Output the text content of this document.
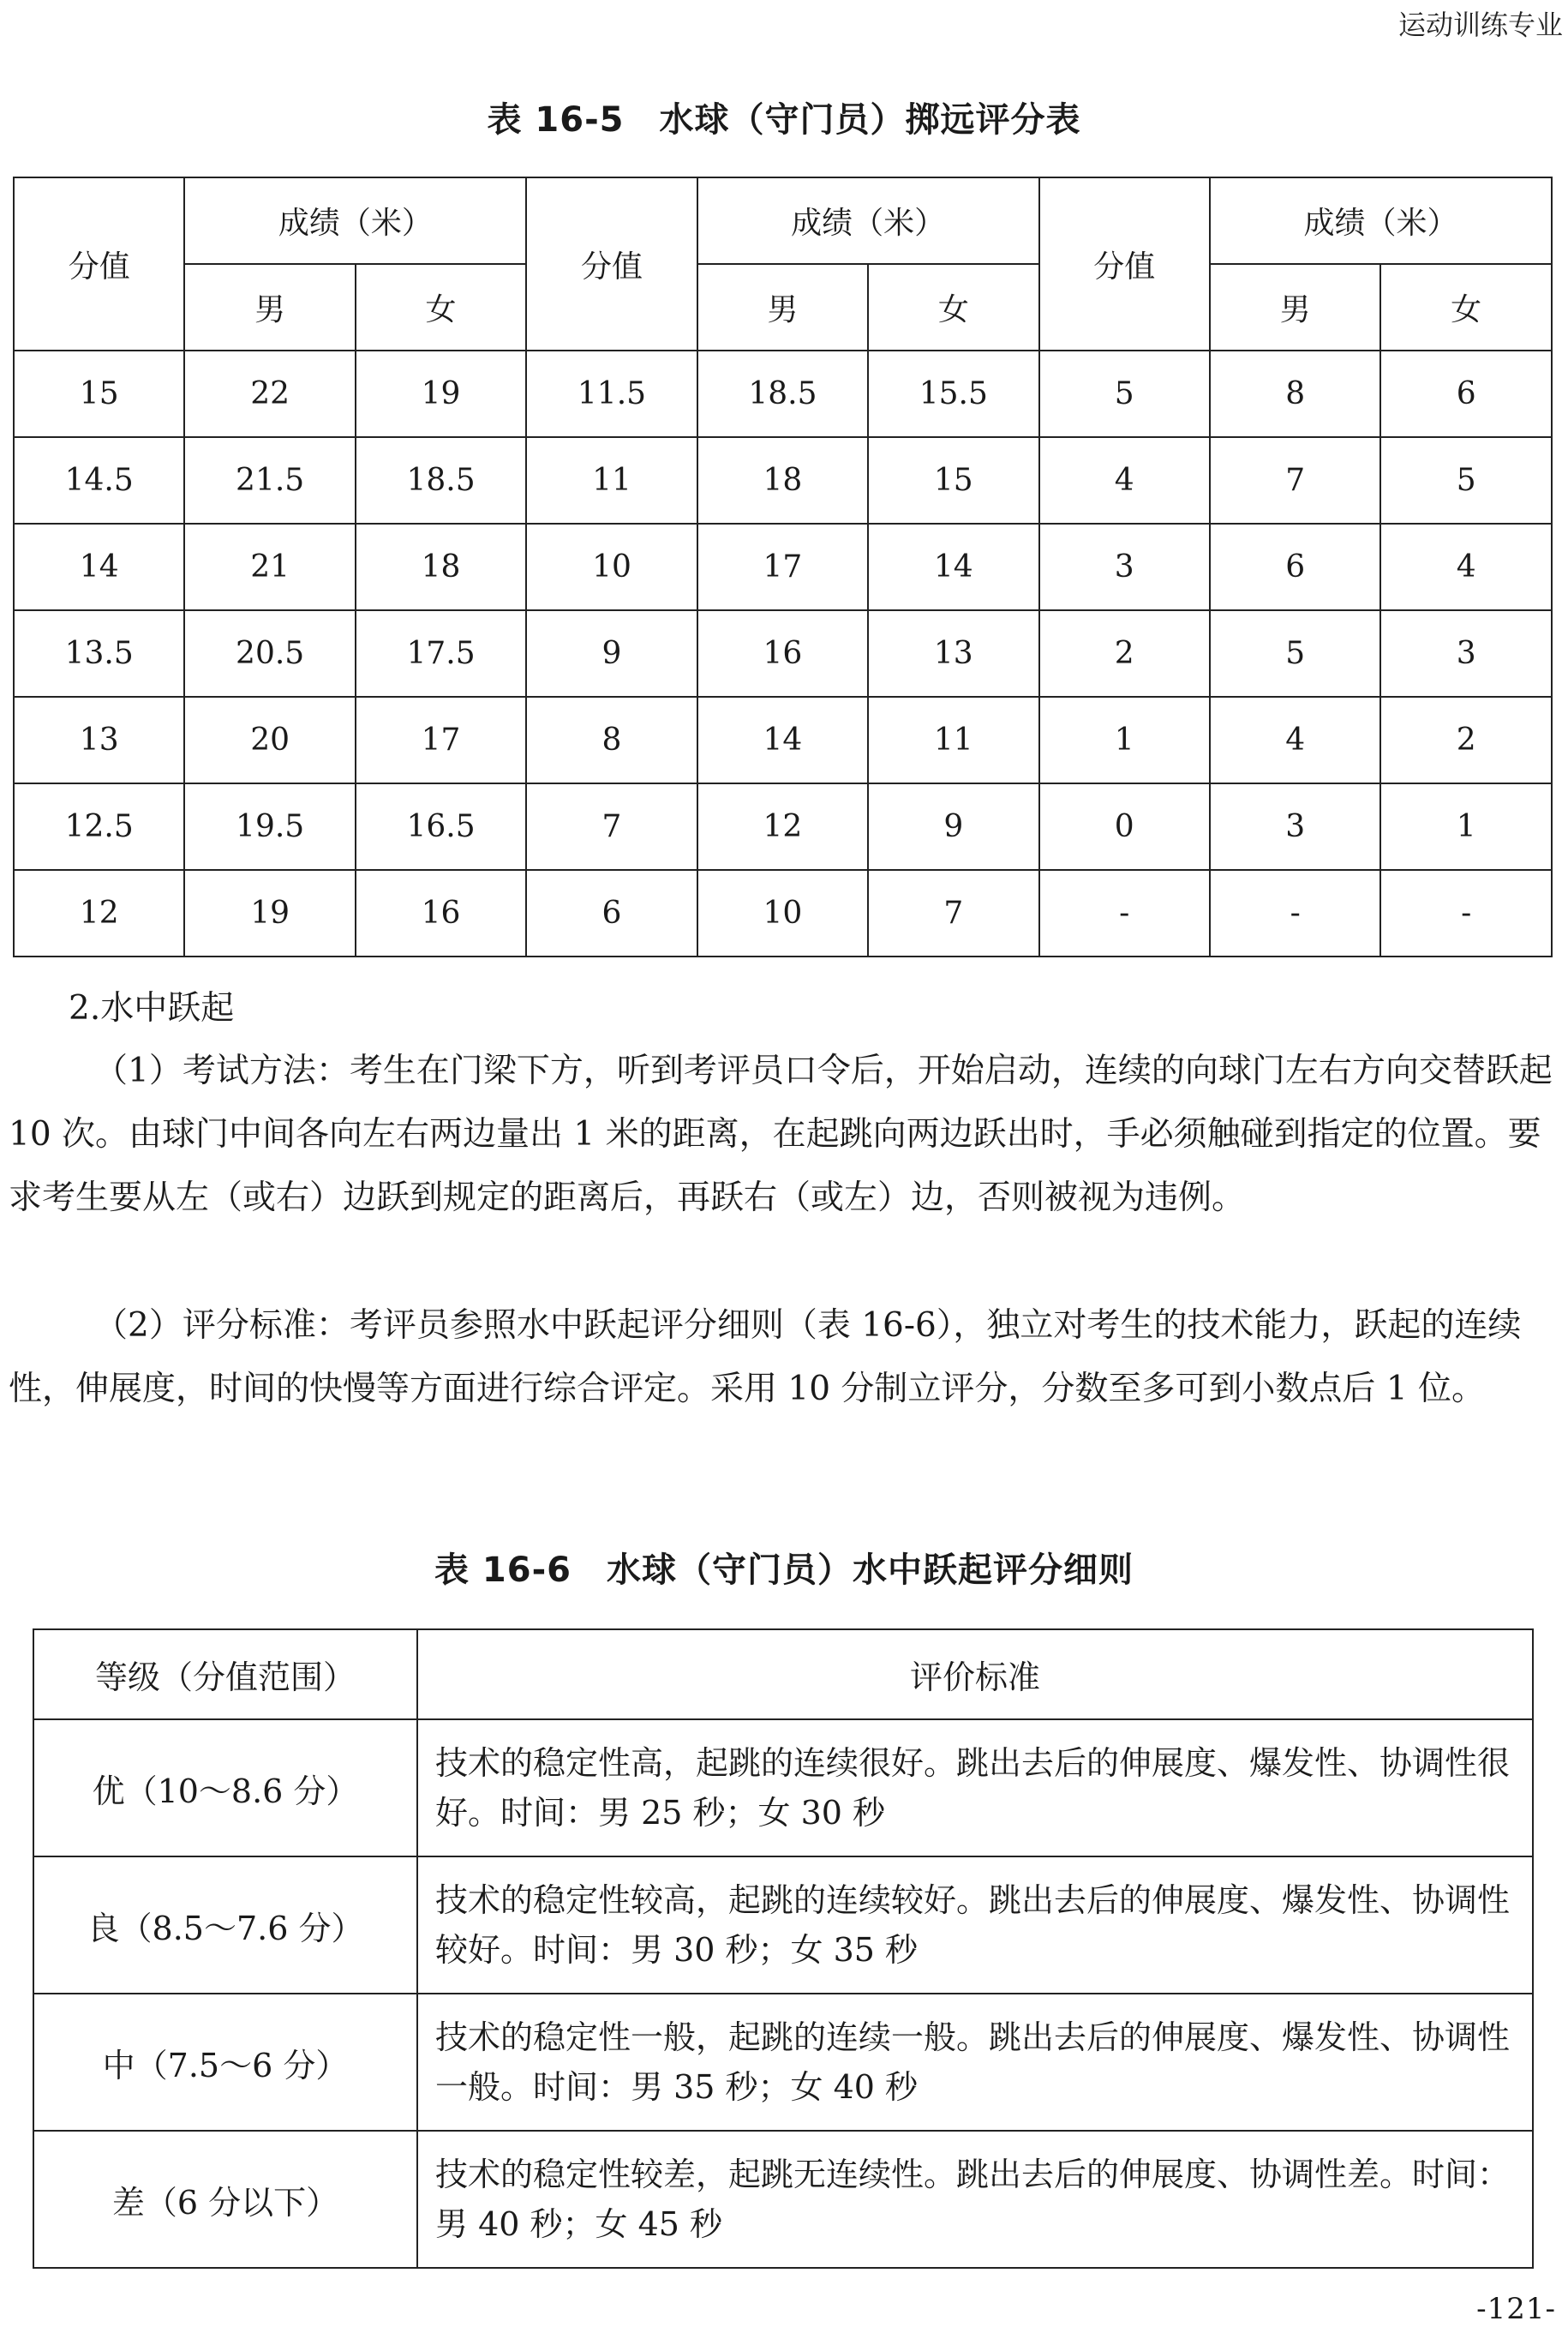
运动训练专业
表 16-5　水球（守门员）掷远评分表
分值	成绩（米）		分值	成绩（米）		分值	成绩（米）	
	男	女		男	女		男	女
15	22	19	11.5	18.5	15.5	5	8	6
14.5	21.5	18.5	11	18	15	4	7	5
14	21	18	10	17	14	3	6	4
13.5	20.5	17.5	9	16	13	2	5	3
13	20	17	8	14	11	1	4	2
12.5	19.5	16.5	7	12	9	0	3	1
12	19	16	6	10	7	-	-	-
2.水中跃起

（1）考试方法：考生在门梁下方，听到考评员口令后，开始启动，连续的向球门左右方向交替跃起 10 次。由球门中间各向左右两边量出 1 米的距离，在起跳向两边跃出时，手必须触碰到指定的位置。要求考生要从左（或右）边跃到规定的距离后，再跃右（或左）边，否则被视为违例。

（2）评分标准：考评员参照水中跃起评分细则（表 16-6），独立对考生的技术能力，跃起的连续性，伸展度，时间的快慢等方面进行综合评定。采用 10 分制立评分，分数至多可到小数点后 1 位。

表 16-6　水球（守门员）水中跃起评分细则
等级（分值范围）	评价标准
优（10～8.6 分）	技术的稳定性高，起跳的连续很好。跳出去后的伸展度、爆发性、协调性很好。时间：男 25 秒；女 30 秒
良（8.5～7.6 分）	技术的稳定性较高，起跳的连续较好。跳出去后的伸展度、爆发性、协调性较好。时间：男 30 秒；女 35 秒
中（7.5～6 分）	技术的稳定性一般，起跳的连续一般。跳出去后的伸展度、爆发性、协调性一般。时间：男 35 秒；女 40 秒
差（6 分以下）	技术的稳定性较差，起跳无连续性。跳出去后的伸展度、协调性差。时间：男 40 秒；女 45 秒
-121-
